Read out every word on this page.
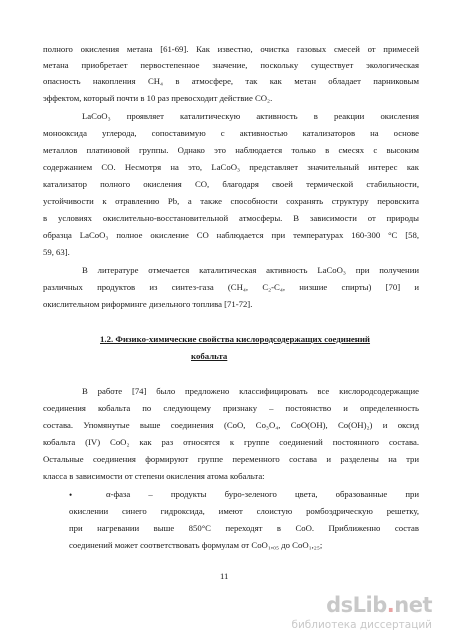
полного окисления метана [61-69]. Как известно, очистка газовых смесей от примесей
метана приобретает первостепенное значение, поскольку существует экологическая
опасность накопления CH₄ в атмосфере, так как метан обладает парниковым
эффектом, который почти в 10 раз превосходит действие CO₂.
LaCoO₃ проявляет каталитическую активность в реакции окисления
монооксида углерода, сопоставимую с активностью катализаторов на основе
металлов платиновой группы. Однако это наблюдается только в смесях с высоким
содержанием CO. Несмотря на это, LaCoO₃ представляет значительный интерес как
катализатор полного окисления CO, благодаря своей термической стабильности,
устойчивости к отравлению Pb, а также способности сохранять структуру перовскита
в условиях окислительно-восстановительной атмосферы. В зависимости от природы
образца LaCoO₃ полное окисление CO наблюдается при температурах 160-300 °C [58,
59, 63].
В литературе отмечается каталитическая активность LaCoO₃ при получении
различных продуктов из синтез-газа (CH₄, C₂-C₄, низшие спирты) [70] и
окислительном риформинге дизельного топлива [71-72].
1.2. Физико-химические свойства кислородсодержащих соединений
кобальта
В работе [74] было предложено классифицировать все кислородсодержащие
соединения кобальта по следующему признаку – постоянство и определенность
состава. Упомянутые выше соединения (CoO, Co₃O₄, CoO(OH), Co(OH)₂) и оксид
кобальта (IV) CoO₂ как раз относятся к группе соединений постоянного состава.
Остальные соединения формируют группе переменного состава и разделены на три
класса в зависимости от степени окисления атома кобальта:
•	α-фаза – продукты буро-зеленого цвета, образованные при
окислении синего гидроксида, имеют слоистую ромбоэдрическую решетку,
при нагревании выше 850°C переходят в CoO. Приближенно состав
соединений может соответствовать формулам от CoO₁,₀₅ до CoO₁,₂₅;
11
dsLib.net
библиотека диссертаций
